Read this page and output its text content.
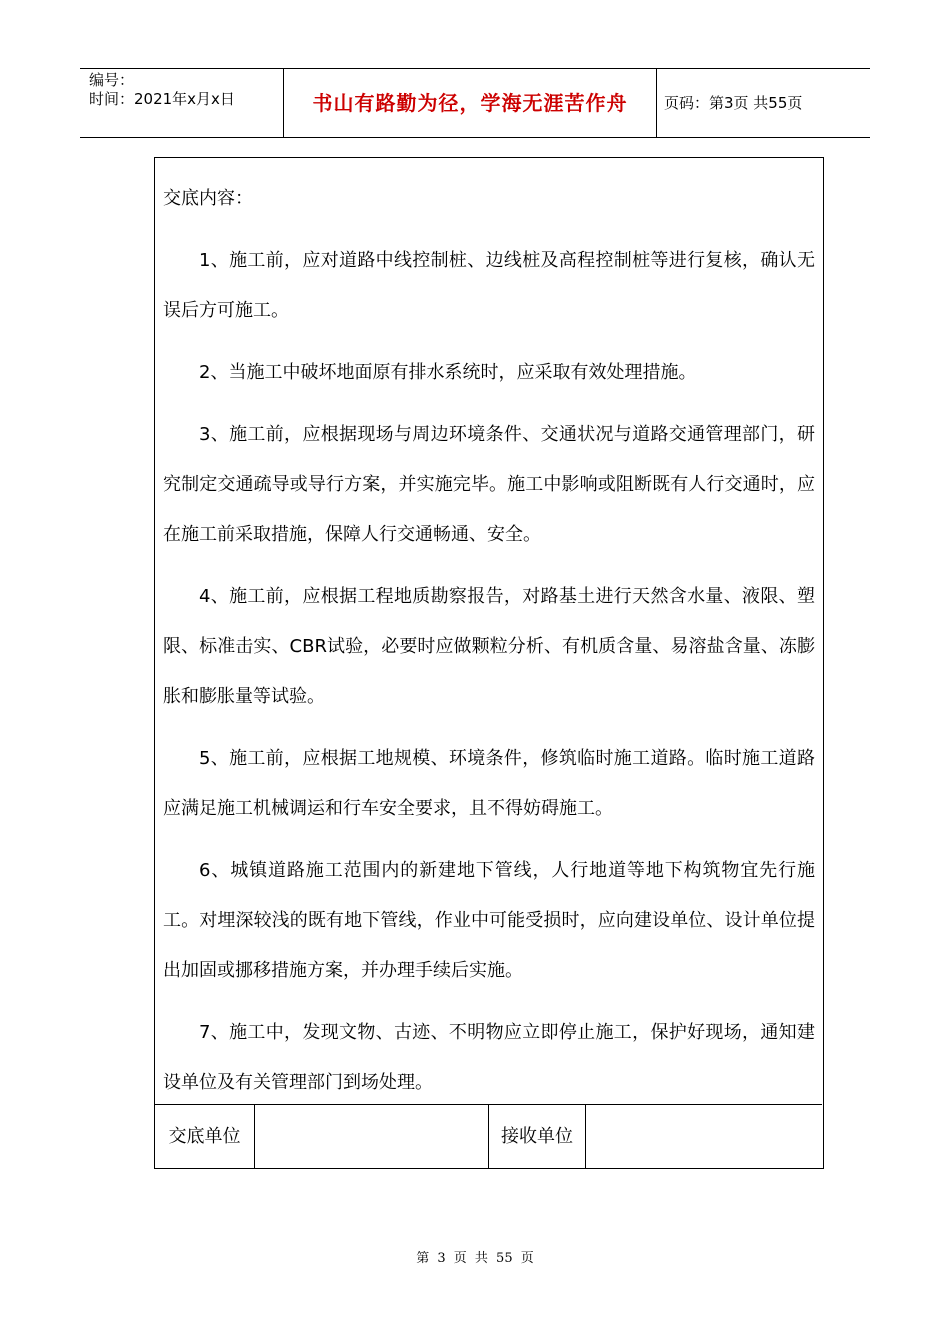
编号：
时间：2021年x月x日	书山有路勤为径，学海无涯苦作舟	页码：第3页 共55页
交底内容：

1、施工前，应对道路中线控制桩、边线桩及高程控制桩等进行复核，确认无误后方可施工。

2、当施工中破坏地面原有排水系统时，应采取有效处理措施。

3、施工前，应根据现场与周边环境条件、交通状况与道路交通管理部门，研究制定交通疏导或导行方案，并实施完毕。施工中影响或阻断既有人行交通时，应在施工前采取措施，保障人行交通畅通、安全。

4、施工前，应根据工程地质勘察报告，对路基土进行天然含水量、液限、塑限、标准击实、CBR试验，必要时应做颗粒分析、有机质含量、易溶盐含量、冻膨胀和膨胀量等试验。

5、施工前，应根据工地规模、环境条件，修筑临时施工道路。临时施工道路应满足施工机械调运和行车安全要求，且不得妨碍施工。

6、城镇道路施工范围内的新建地下管线，人行地道等地下构筑物宜先行施工。对埋深较浅的既有地下管线，作业中可能受损时，应向建设单位、设计单位提出加固或挪移措施方案，并办理手续后实施。

7、施工中，发现文物、古迹、不明物应立即停止施工，保护好现场，通知建设单位及有关管理部门到场处理。

交底单位	接收单位
第 3 页 共 55 页
